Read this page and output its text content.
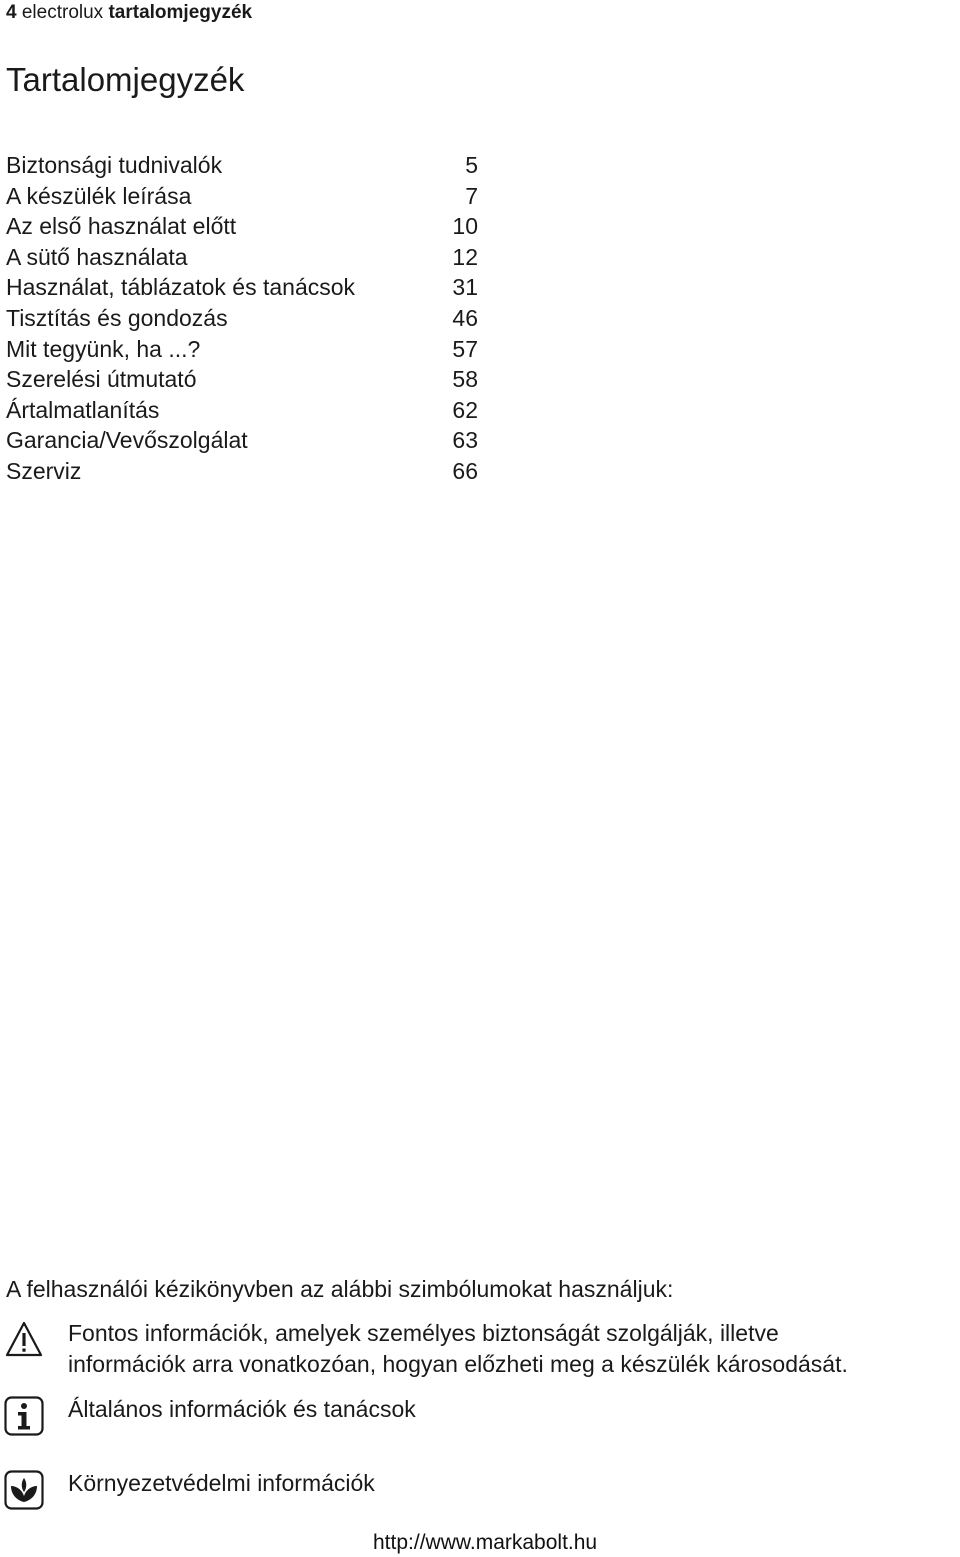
4 electrolux tartalomjegyzék
Tartalomjegyzék
Biztonsági tudnivalók	5
A készülék leírása	7
Az első használat előtt	10
A sütő használata	12
Használat, táblázatok és tanácsok	31
Tisztítás és gondozás	46
Mit tegyünk, ha ...?	57
Szerelési útmutató	58
Ártalmatlanítás	62
Garancia/Vevőszolgálat	63
Szerviz	66
A felhasználói kézikönyvben az alábbi szimbólumokat használjuk:
Fontos információk, amelyek személyes biztonságát szolgálják, illetve
információk arra vonatkozóan, hogyan előzheti meg a készülék károsodását.
Általános információk és tanácsok
Környezetvédelmi információk
http://www.markabolt.hu
